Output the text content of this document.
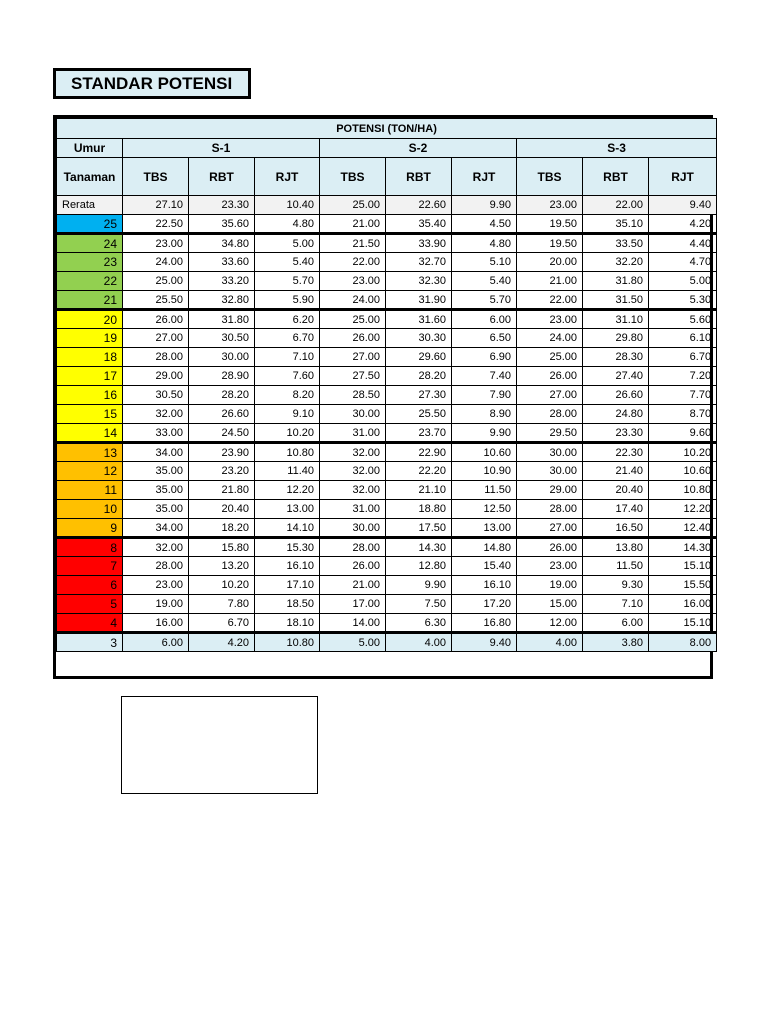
STANDAR POTENSI
POTENSI (TON/HA)									
Umur	S-1			S-2			S-3		
Tanaman	TBS	RBT	RJT	TBS	RBT	RJT	TBS	RBT	RJT
Rerata	27.10	23.30	10.40	25.00	22.60	9.90	23.00	22.00	9.40
25	22.50	35.60	4.80	21.00	35.40	4.50	19.50	35.10	4.20
24	23.00	34.80	5.00	21.50	33.90	4.80	19.50	33.50	4.40
23	24.00	33.60	5.40	22.00	32.70	5.10	20.00	32.20	4.70
22	25.00	33.20	5.70	23.00	32.30	5.40	21.00	31.80	5.00
21	25.50	32.80	5.90	24.00	31.90	5.70	22.00	31.50	5.30
20	26.00	31.80	6.20	25.00	31.60	6.00	23.00	31.10	5.60
19	27.00	30.50	6.70	26.00	30.30	6.50	24.00	29.80	6.10
18	28.00	30.00	7.10	27.00	29.60	6.90	25.00	28.30	6.70
17	29.00	28.90	7.60	27.50	28.20	7.40	26.00	27.40	7.20
16	30.50	28.20	8.20	28.50	27.30	7.90	27.00	26.60	7.70
15	32.00	26.60	9.10	30.00	25.50	8.90	28.00	24.80	8.70
14	33.00	24.50	10.20	31.00	23.70	9.90	29.50	23.30	9.60
13	34.00	23.90	10.80	32.00	22.90	10.60	30.00	22.30	10.20
12	35.00	23.20	11.40	32.00	22.20	10.90	30.00	21.40	10.60
11	35.00	21.80	12.20	32.00	21.10	11.50	29.00	20.40	10.80
10	35.00	20.40	13.00	31.00	18.80	12.50	28.00	17.40	12.20
9	34.00	18.20	14.10	30.00	17.50	13.00	27.00	16.50	12.40
8	32.00	15.80	15.30	28.00	14.30	14.80	26.00	13.80	14.30
7	28.00	13.20	16.10	26.00	12.80	15.40	23.00	11.50	15.10
6	23.00	10.20	17.10	21.00	9.90	16.10	19.00	9.30	15.50
5	19.00	7.80	18.50	17.00	7.50	17.20	15.00	7.10	16.00
4	16.00	6.70	18.10	14.00	6.30	16.80	12.00	6.00	15.10
3	6.00	4.20	10.80	5.00	4.00	9.40	4.00	3.80	8.00
